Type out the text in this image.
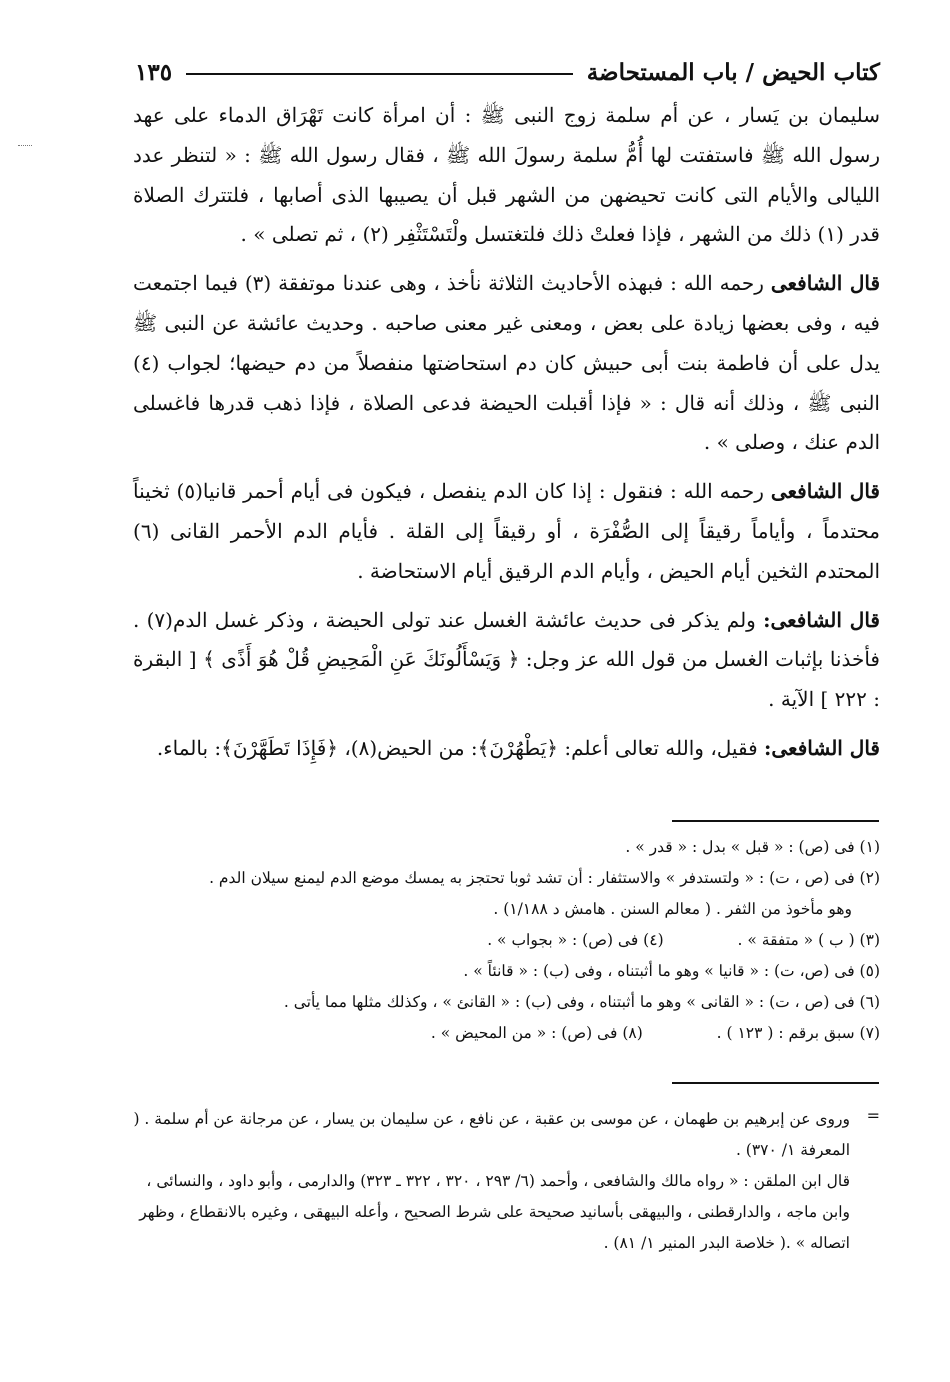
كتاب الحيض / باب المستحاضة
١٣٥

سليمان بن يَسار ، عن أم سلمة زوج النبى ﷺ : أن امرأة كانت تَهْرَاق الدماء على عهد رسول الله ﷺ فاستفتت لها أُمُّ سلمة رسولَ الله ﷺ ، فقال رسول الله ﷺ : « لتنظر عدد الليالى والأيام التى كانت تحيضهن من الشهر قبل أن يصيبها الذى أصابها ، فلتترك الصلاة قدر (١) ذلك من الشهر ، فإذا فعلتْ ذلك فلتغتسل ولْتَسْتَثْفِر (٢) ، ثم تصلى » .

قال الشافعى رحمه الله : فبهذه الأحاديث الثلاثة نأخذ ، وهى عندنا موتفقة (٣) فيما اجتمعت فيه ، وفى بعضها زيادة على بعض ، ومعنى غير معنى صاحبه . وحديث عائشة عن النبى ﷺ يدل على أن فاطمة بنت أبى حبيش كان دم استحاضتها منفصلاً من دم حيضها؛ لجواب (٤) النبى ﷺ ، وذلك أنه قال : « فإذا أقبلت الحيضة فدعى الصلاة ، فإذا ذهب قدرها فاغسلى الدم عنك ، وصلى » .

قال الشافعى رحمه الله : فنقول : إذا كان الدم ينفصل ، فيكون فى أيام أحمر قانيا(٥) ثخيناً محتدماً ، وأياماً رقيقاً إلى الصُّفْرَة ، أو رقيقاً إلى القلة . فأيام الدم الأحمر القانى (٦) المحتدم الثخين أيام الحيض ، وأيام الدم الرقيق أيام الاستحاضة .

قال الشافعى: ولم يذكر فى حديث عائشة الغسل عند تولى الحيضة ، وذكر غسل الدم(٧) . فأخذنا بإثبات الغسل من قول الله عز وجل: ﴿ وَيَسْأَلُونَكَ عَنِ الْمَحِيضِ قُلْ هُوَ أَذًى ﴾ [ البقرة : ٢٢٢ ] الآية .

قال الشافعى: فقيل، والله تعالى أعلم: ﴿يَطْهُرْنَ﴾: من الحيض(٨)، ﴿فَإِذَا تَطَهَّرْنَ﴾: بالماء.

(١) فى (ص) : « قبل » بدل : « قدر » .
(٢) فى (ص ، ت) : « ولتستدفر » والاستثفار : أن تشد ثوبا تحتجز به يمسك موضع الدم ليمنع سيلان الدم .
وهو مأخوذ من الثفر . ( معالم السنن . هامش د ١/١٨٨) .
(٣) ( ب ) « متفقة » .               (٤) فى (ص) : « بجواب » .
(٥) فى (ص، ت) : « قانيا » وهو ما أثبتناه ، وفى (ب) : « قانئاً » .
(٦) فى (ص ، ت) : « القانى » وهو ما أثبتناه ، وفى (ب) : « القانئ » ، وكذلك مثلها مما يأتى .
(٧) سبق برقم : ( ١٢٣ ) .               (٨) فى (ص) : « من المحيض » .
=

وروى عن إبرهيم بن طهمان ، عن موسى بن عقبة ، عن نافع ، عن سليمان بن يسار ، عن مرجانة عن أم سلمة . ( المعرفة ١/ ٣٧٠) .

قال ابن الملقن : « رواه مالك والشافعى ، وأحمد (٦/ ٢٩٣ ، ٣٢٠ ، ٣٢٢ ـ ٣٢٣) والدارمى ، وأبو داود ، والنسائى ، وابن ماجه ، والدارقطنى ، والبيهقى بأسانيد صحيحة على شرط الصحيح ، وأعله البيهقى ، وغيره بالانقطاع ، وظهر اتصاله » .( خلاصة البدر المنير ١/ ٨١) .
